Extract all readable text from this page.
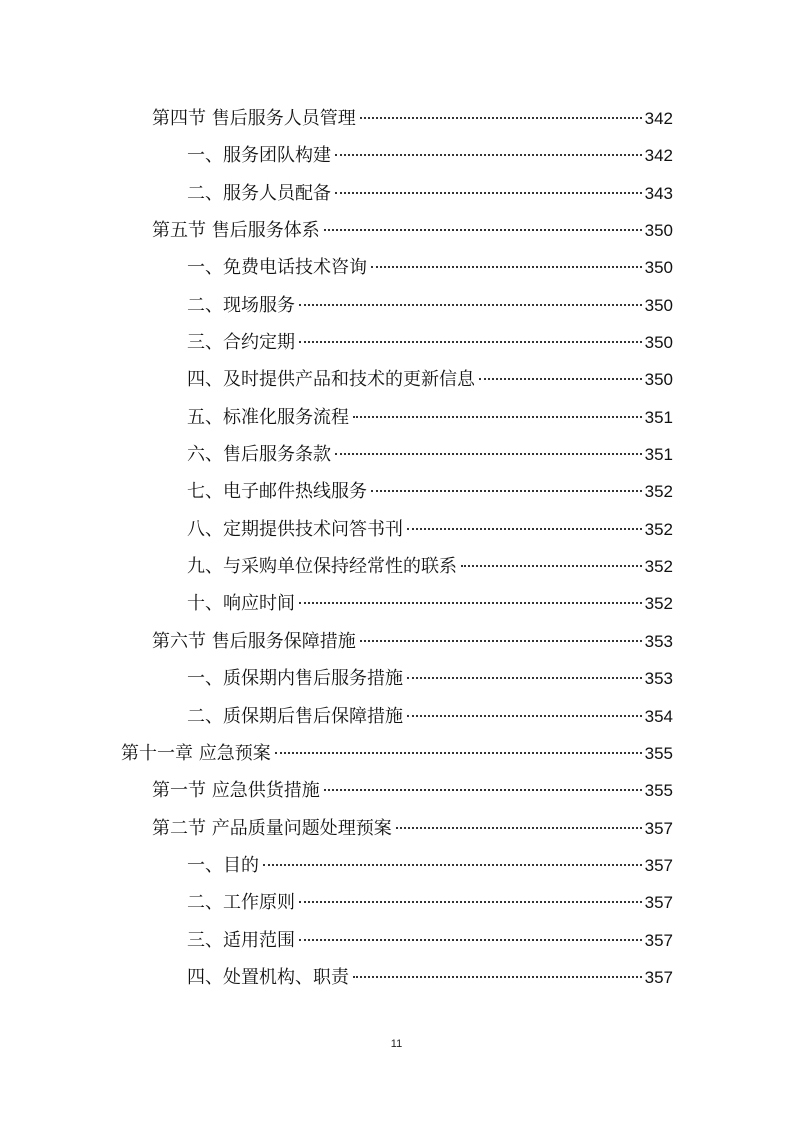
第四节 售后服务人员管理	342
一、服务团队构建	342
二、服务人员配备	343
第五节 售后服务体系	350
一、免费电话技术咨询	350
二、现场服务	350
三、合约定期	350
四、及时提供产品和技术的更新信息	350
五、标准化服务流程	351
六、售后服务条款	351
七、电子邮件热线服务	352
八、定期提供技术问答书刊	352
九、与采购单位保持经常性的联系	352
十、响应时间	352
第六节 售后服务保障措施	353
一、质保期内售后服务措施	353
二、质保期后售后保障措施	354
第十一章 应急预案	355
第一节 应急供货措施	355
第二节 产品质量问题处理预案	357
一、目的	357
二、工作原则	357
三、适用范围	357
四、处置机构、职责	357
11
